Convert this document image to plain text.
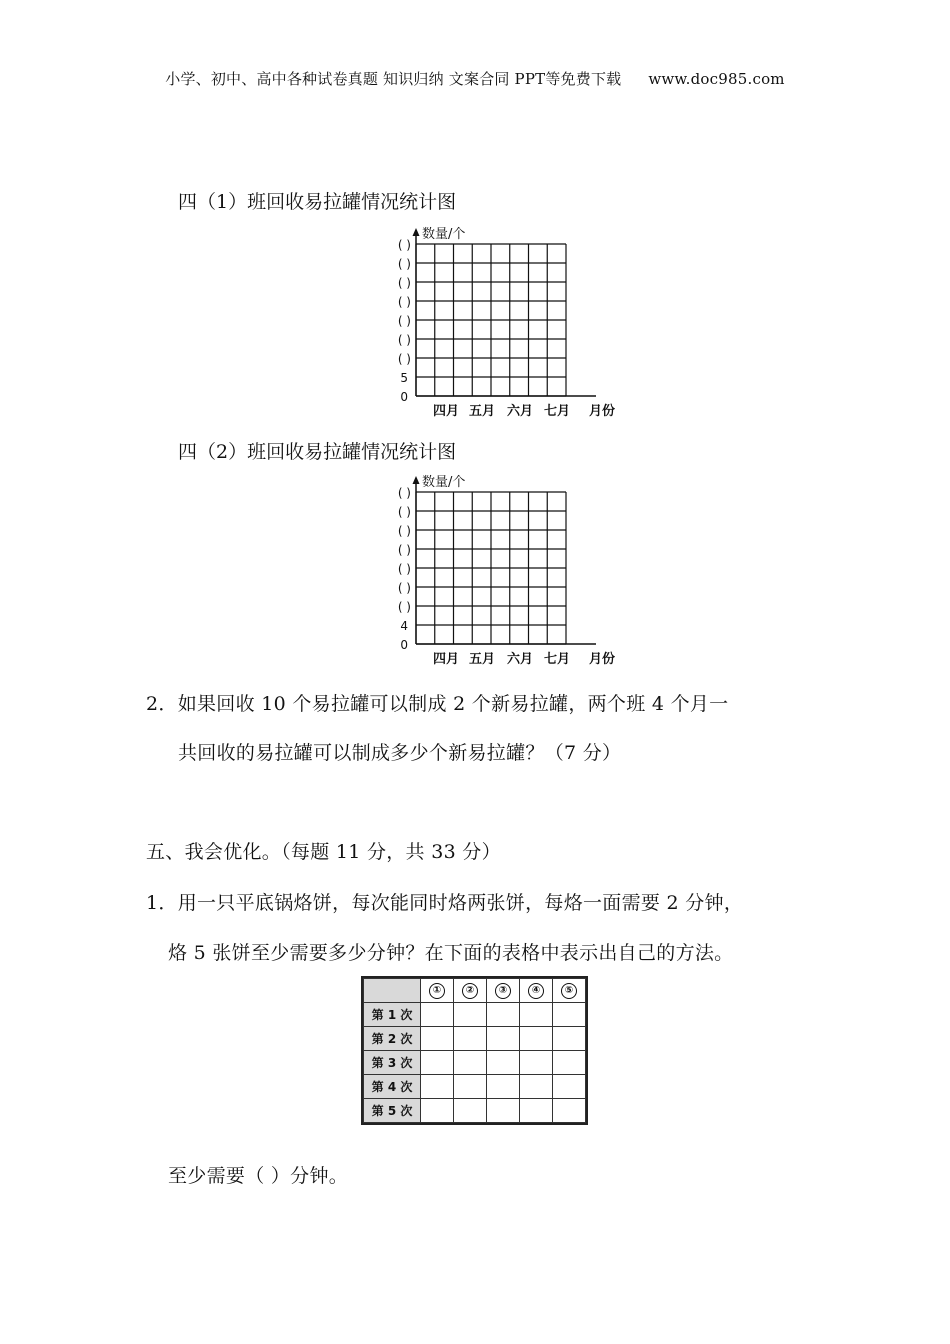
小学、初中、高中各种试卷真题 知识归纳 文案合同 PPT等免费下载 www.doc985.com
四（1）班回收易拉罐情况统计图
数量/个
0
5
( )
( )
( )
( )
( )
( )
( )
四月 五月 六月 七月 月份
四（2）班回收易拉罐情况统计图
数量/个
0
4
( )
( )
( )
( )
( )
( )
( )
四月 五月 六月 七月 月份
2．如果回收 10 个易拉罐可以制成 2 个新易拉罐，两个班 4 个月一
共回收的易拉罐可以制成多少个新易拉罐？（7 分）
五、我会优化。（每题 11 分，共 33 分）
1．用一只平底锅烙饼，每次能同时烙两张饼，每烙一面需要 2 分钟，
烙 5 张饼至少需要多少分钟？在下面的表格中表示出自己的方法。
	①	②	③	④	⑤
第 1 次					
第 2 次					
第 3 次					
第 4 次					
第 5 次					
至少需要（ ）分钟。
